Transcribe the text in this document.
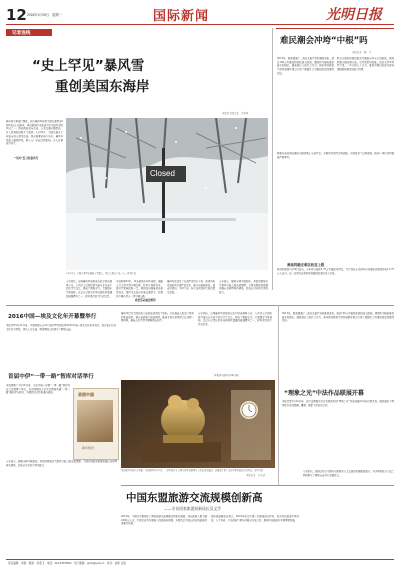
12 2016年1月25日　星期一	国际新闻	光明日报
记者连线
“史上罕见”暴风雪
重创美国东海岸
本报驻美国记者　王传军
据当地气象部门预报，此次暴风雪将给美国东部带来60厘米以上的积雪，华盛顿地区可能成为受灾最严重的区域之一。联邦政府宣布关闭，公共交通全面停运，各大机场取消数千个航班。1月22日，美国东部多个州宣布进入紧急状态，民众被要求减少外出。暴风雪导致大面积停电，数十万户家庭受到影响，多人在事故中丧生。
Closed
1月23日，美国首都华盛顿被大雪覆盖，国会大厦前空无一人。新华社发
专家指出，这场暴风雪的形成与厄尔尼诺现象有关，大西洋上空的暖湿气流与北方南下的冷空气交汇，形成了极端天气。美国国家气象局称，这是有记录以来华盛顿地区遭遇的最强降雪之一，积雪深度创下历史纪录。
当地时间23日，华盛顿街头积雪没膝，道路上几乎看不到车辆行驶，除雪车昼夜作业。超市货架被抢购一空，居民纷纷储备食品和饮用水。纽约市长宣布实施交通禁令，除紧急车辆外禁止一切车辆上路。
暴风雪还波及了东海岸沿线多个州，新泽西州沿海地区出现严重洪水，部分房屋被淹没。弗吉尼亚州、马里兰州、宾夕法尼亚州等地也遭受重创。
专家表示，随着全球气候变暖，类似的极端天气事件可能会越来越频繁。美国各级政府需要加强应急管理体系建设，提高应对自然灾害的能力。
“冬风”连刀的暴风雪
政治活动被迫暂停
难民潮会冲垮“中根”吗
本报记者　陈　飞
2015年，欧洲遭遇了二战以来最严重的难民危机，超过100万名难民和移民涌入欧洲。德国作为接收难民最多的国家，面临着巨大的社会压力。新年夜科隆发生的性侵事件更是引发了德国社会对难民政策的激烈讨论。
默克尔政府的难民政策正面临前所未有的挑战。执政联盟内部出现分歧，反对党借机发难，民意支持率持续下滑。一些分析人士认为，难民问题已经成为影响德国政局稳定的最大因素。
欧盟各成员国在难民分摊问题上分歧严重，申根区的存续受到威胁。多国恢复了边境管控，欧洲一体化进程面临严峻考验。
奥地利确定难民收容上限
奥地利政府1月20日宣布，今年将只接收3.75万名难民申请者，并计划在未来四年内将接收总数控制在12.75万人以内。这一决定标志着奥地利难民政策的重大转变。
2016中国—埃及文化年开幕暨举行
本报开罗1月21日电　中埃两国元首21日在开罗共同出席2016中国—埃及文化年开幕式。双方表示将以文化年为契机，深化人文交流，增进两国人民相互了解和友谊。
首届中伊“一带一路”智库对话举行
本报德黑兰1月23日电　首届中国—伊朗“一带一路”智库对话会在德黑兰举行，来自两国的专家学者围绕共建“一带一路”展开深入研讨，共同探讨合作机遇与挑战。	美丽中国
新年特刊
暴风雪也对美国总统大选的选战造成了影响。多位候选人取消了原定的竞选活动，部分选民集会被迫延期。距离艾奥瓦州党团会议仅剩一周时间，候选人们不得不调整竞选日程。
专家指出，这场暴风雪的形成与厄尔尼诺现象有关，大西洋上空的暖湿气流与北方南下的冷空气交汇，形成了极端天气。美国国家气象局称，这是有记录以来华盛顿地区遭遇的最强降雪之一，积雪深度创下历史纪录。
（本报华盛顿1月24日电）
华盛顿举办新年艺术展　当地时间1月23日，一位参观者在美国首都华盛顿国家美术馆欣赏展品。该展览汇集了来自世界各地的艺术珍品。新华社发
“理象之光”中法作品联展开幕
本报巴黎1月22日电　由中法两国艺术家共同创作的“理象之光”作品联展22日在巴黎开幕。展览展出了两国艺术家的绘画、雕塑、摄影等作品百余件。
2015年，欧洲遭遇了二战以来最严重的难民危机，超过100万名难民和移民涌入欧洲。德国作为接收难民最多的国家，面临着巨大的社会压力。新年夜科隆发生的性侵事件更是引发了德国社会对难民政策的激烈讨论。
中国东盟旅游交流规模创新高
——专访国家旅游局新局长吴文学
本报记者　任玉洁
2015年，中国与东盟国家之间的旅游交流规模达到新的高峰，双向旅游人数突破2300万人次。中国已成为东盟最大的旅游客源国，东盟也是中国公民出境旅游的重要目的地。
国家旅游局局长表示，2016年将是中国—东盟旅游合作年，双方将在旅游市场开发、人才培养、产品创新等领域开展全方位合作，推动区域旅游业共同繁荣发展。
专家指出，旅游合作是中国与东盟国家人文交流的重要组成部分，对于增进双方人民之间的相互了解和友谊具有重要意义。
专家表示，随着全球气候变暖，类似的极端天气事件可能会越来越频繁。美国各级政府需要加强应急管理体系建设，提高应对自然灾害的能力。
责任编辑：刘春　组版：李燕飞　电话：010-67078600　电子邮箱：gmrb@gmw.cn　校对：赵新 白铭
